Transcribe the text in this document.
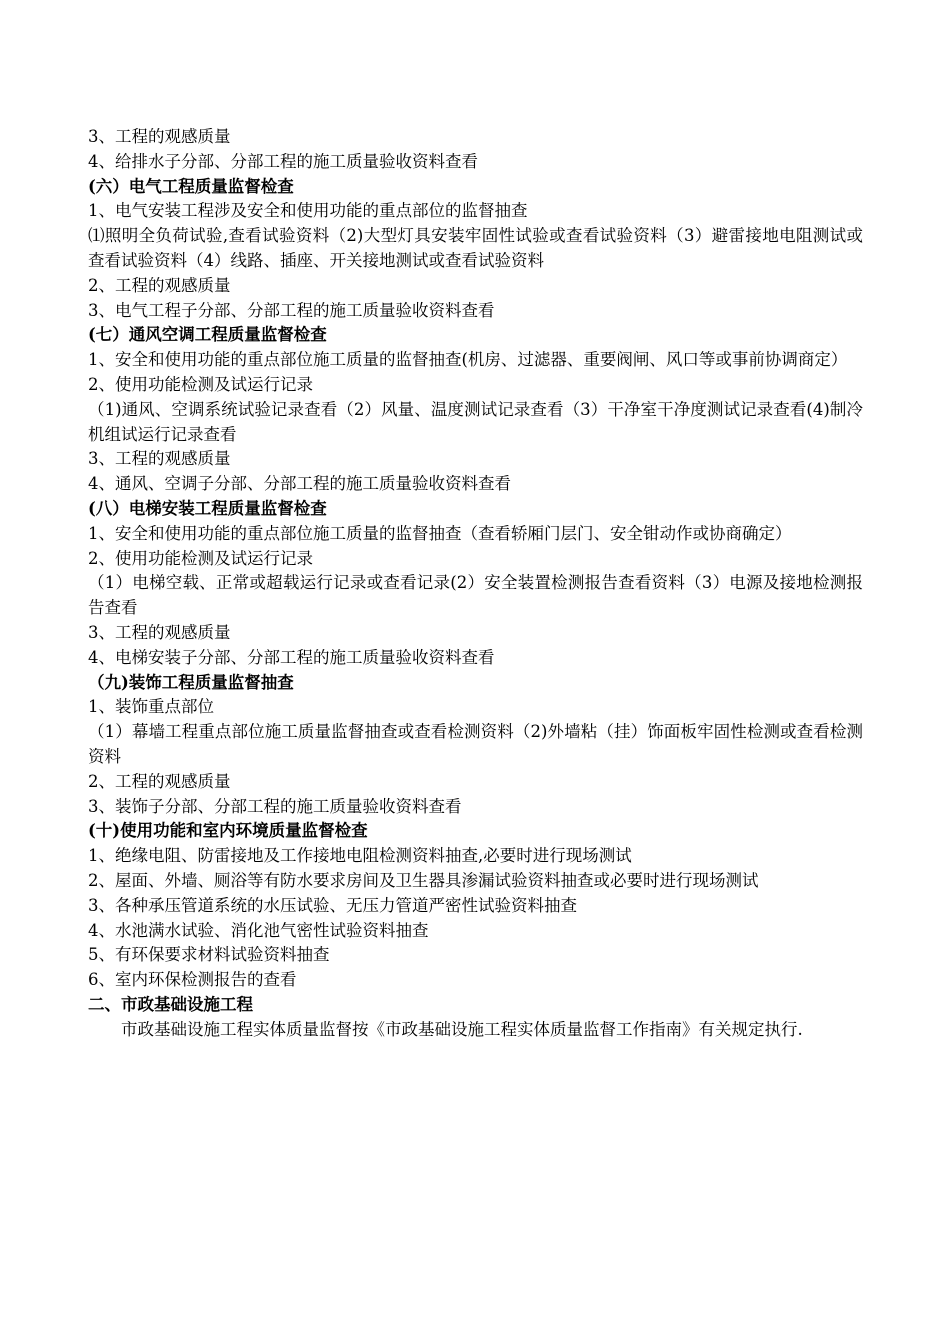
3、工程的观感质量
4、给排水子分部、分部工程的施工质量验收资料查看
(六）电气工程质量监督检查
1、电气安装工程涉及安全和使用功能的重点部位的监督抽查
⑴照明全负荷试验,查看试验资料（2)大型灯具安装牢固性试验或查看试验资料（3）避雷接地电阻测试或查看试验资料（4）线路、插座、开关接地测试或查看试验资料
2、工程的观感质量
3、电气工程子分部、分部工程的施工质量验收资料查看
(七）通风空调工程质量监督检查
1、安全和使用功能的重点部位施工质量的监督抽查(机房、过滤器、重要阀闸、风口等或事前协调商定）
2、使用功能检测及试运行记录
（1)通风、空调系统试验记录查看（2）风量、温度测试记录查看（3）干净室干净度测试记录查看(4)制冷机组试运行记录查看
3、工程的观感质量
4、通风、空调子分部、分部工程的施工质量验收资料查看
(八）电梯安装工程质量监督检查
1、安全和使用功能的重点部位施工质量的监督抽查（查看轿厢门层门、安全钳动作或协商确定）
2、使用功能检测及试运行记录
（1）电梯空载、正常或超载运行记录或查看记录(2）安全装置检测报告查看资料（3）电源及接地检测报告查看
3、工程的观感质量
4、电梯安装子分部、分部工程的施工质量验收资料查看
（九)装饰工程质量监督抽查
1、装饰重点部位
（1）幕墙工程重点部位施工质量监督抽查或查看检测资料（2)外墙粘（挂）饰面板牢固性检测或查看检测资料
2、工程的观感质量
3、装饰子分部、分部工程的施工质量验收资料查看
(十)使用功能和室内环境质量监督检查
1、绝缘电阻、防雷接地及工作接地电阻检测资料抽查,必要时进行现场测试
2、屋面、外墙、厕浴等有防水要求房间及卫生器具渗漏试验资料抽查或必要时进行现场测试
3、各种承压管道系统的水压试验、无压力管道严密性试验资料抽查
4、水池满水试验、消化池气密性试验资料抽查
5、有环保要求材料试验资料抽查
6、室内环保检测报告的查看
二、市政基础设施工程
市政基础设施工程实体质量监督按《市政基础设施工程实体质量监督工作指南》有关规定执行.
